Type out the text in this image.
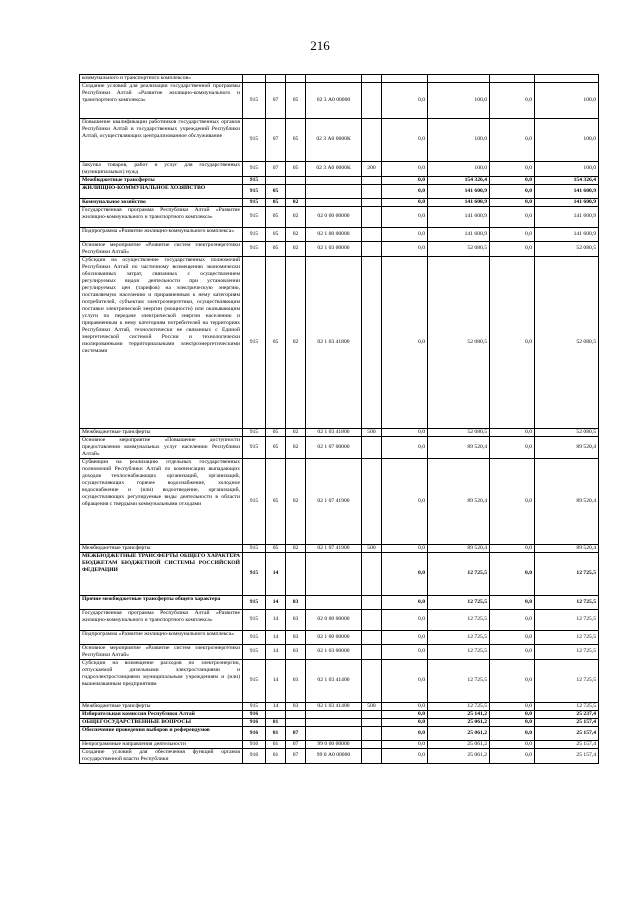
216
коммунального и транспортного комплексов»									
Создание условий для реализации государственной программы Республики Алтай «Развитие жилищно-коммунального и транспортного комплекса»	915	07	05	02 3 А0 00000		0,0	100,0	0,0	100,0
Повышение квалификации работников государственных органов Республики Алтай и государственных учреждений Республики Алтай, осуществляющих централизованное обслуживание	915	07	05	02 3 А0 0000К		0,0	100,0	0,0	100,0
Закупка товаров, работ и услуг для государственных (муниципальных) нужд	915	07	05	02 3 А0 0000К	200	0,0	100,0	0,0	100,0
Межбюджетные трансферты	915					0,0	154 326,4	0,0	154 326,4
ЖИЛИЩНО-КОММУНАЛЬНОЕ ХОЗЯЙСТВО	915	05				0,0	141 600,9	0,0	141 600,9
Коммунальное хозяйство	915	05	02			0,0	141 600,9	0,0	141 600,9
Государственная программа Республики Алтай «Развитие жилищно-коммунального и транспортного комплекса»	915	05	02	02 0 00 00000		0,0	141 600,9	0,0	141 600,9
Подпрограмма «Развитие жилищно-коммунального комплекса»	915	05	02	02 1 00 00000		0,0	141 600,9	0,0	141 600,9
Основное мероприятие «Развитие систем электроэнергетики Республики Алтай»	915	05	02	02 1 03 00000		0,0	52 080,5	0,0	52 080,5
Субсидии на осуществление государственных полномочий Республики Алтай по частичному возмещению экономически обоснованных затрат, связанных с осуществлением регулируемых видов деятельности при установлении регулируемых цен (тарифов) на электрическую энергию, поставляемую населению и приравненным к нему категориям потребителей, субъектам электроэнергетики, осуществляющим поставки электрической энергии (мощности) или оказывающим услуги по передаче электрической энергии населению и приравненным к нему категориям потребителей на территориях Республики Алтай, технологически не связанных с Единой энергетической системой России и технологически изолированными территориальными электроэнергетическими системами	915	05	02	02 1 03 41800		0,0	52 080,5	0,0	52 080,5
Межбюджетные трансферты	915	05	02	02 1 03 41800	500	0,0	52 080,5	0,0	52 080,5
Основное мероприятие «Повышение доступности предоставления коммунальных услуг населению Республики Алтай»	915	05	02	02 1 07 00000		0,0	89 520,4	0,0	89 520,4
Субвенции на реализацию отдельных государственных полномочий Республики Алтай по компенсации выпадающих доходов теплоснабжающих организаций, организаций, осуществляющих горячее водоснабжение, холодное водоснабжение и (или) водоотведение, организаций, осуществляющих регулируемые виды деятельности в области обращения с твердыми коммунальными отходами	915	05	02	02 1 07 41900		0,0	89 520,4	0,0	89 520,4
Межбюджетные трансферты	915	05	02	02 1 07 41900	500	0,0	89 520,4	0,0	89 520,4
МЕЖБЮДЖЕТНЫЕ ТРАНСФЕРТЫ ОБЩЕГО ХАРАКТЕРА БЮДЖЕТАМ БЮДЖЕТНОЙ СИСТЕМЫ РОССИЙСКОЙ ФЕДЕРАЦИИ	915	14				0,0	12 725,5	0,0	12 725,5
Прочие межбюджетные трансферты общего характера	915	14	03			0,0	12 725,5	0,0	12 725,5
Государственная программа Республики Алтай «Развитие жилищно-коммунального и транспортного комплекса»	915	14	03	02 0 00 00000		0,0	12 725,5	0,0	12 725,5
Подпрограмма «Развитие жилищно-коммунального комплекса»	915	14	03	02 1 00 00000		0,0	12 725,5	0,0	12 725,5
Основное мероприятие «Развитие систем электроэнергетики Республики Алтай»	915	14	03	02 1 03 00000		0,0	12 725,5	0,0	12 725,5
Субсидии на возмещение расходов по электроэнергии, отпускаемой дизельными электростанциями и гидроэлектростанциями муниципальным учреждениям и (или) вышеназванным предприятиям	915	14	03	02 1 03 41400		0,0	12 725,5	0,0	12 725,5
Межбюджетные трансферты	915	14	03	02 1 03 41400	500	0,0	12 725,5	0,0	12 725,5
Избирательная комиссия Республики Алтай	916					0,0	25 141,2	0,0	25 237,4
ОБЩЕГОСУДАРСТВЕННЫЕ ВОПРОСЫ	916	01				0,0	25 061,2	0,0	25 157,4
Обеспечение проведения выборов и референдумов	916	01	07			0,0	25 061,2	0,0	25 157,4
Непрограммные направления деятельности	916	01	07	99 0 00 00000		0,0	25 061,2	0,0	25 157,4
Создание условий для обеспечения функций органов государственной власти Республики	916	01	07	99 0 А0 00000		0,0	25 061,2	0,0	25 157,4
